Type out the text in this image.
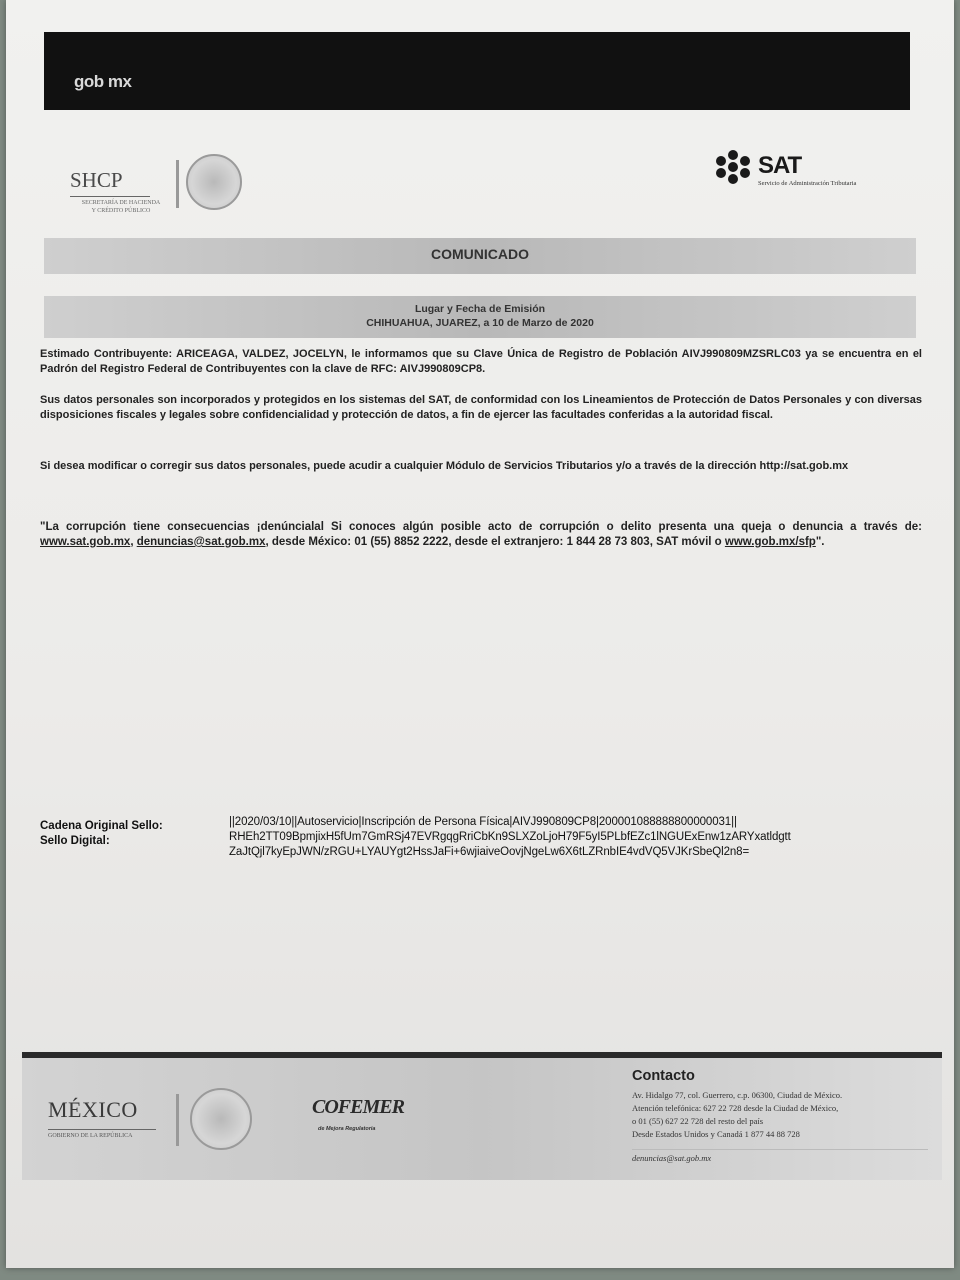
gob mx
SHCP
SECRETARÍA DE HACIENDA
Y CRÉDITO PÚBLICO
SAT
Servicio de Administración Tributaria
COMUNICADO
Lugar y Fecha de Emisión
CHIHUAHUA, JUAREZ, a 10 de Marzo de 2020
Estimado Contribuyente: ARICEAGA, VALDEZ, JOCELYN, le informamos que su Clave Única de Registro de Población AIVJ990809MZSRLC03 ya se encuentra en el Padrón del Registro Federal de Contribuyentes con la clave de RFC: AIVJ990809CP8.
Sus datos personales son incorporados y protegidos en los sistemas del SAT, de conformidad con los Lineamientos de Protección de Datos Personales y con diversas disposiciones fiscales y legales sobre confidencialidad y protección de datos, a fin de ejercer las facultades conferidas a la autoridad fiscal.
Si desea modificar o corregir sus datos personales, puede acudir a cualquier Módulo de Servicios Tributarios y/o a través de la dirección http://sat.gob.mx
"La corrupción tiene consecuencias ¡denúncialal Si conoces algún posible acto de corrupción o delito presenta una queja o denuncia a través de: www.sat.gob.mx, denuncias@sat.gob.mx, desde México: 01 (55) 8852 2222, desde el extranjero: 1 844 28 73 803, SAT móvil o www.gob.mx/sfp".
Cadena Original Sello:
Sello Digital:
||2020/03/10||Autoservicio|Inscripción de Persona Física|AIVJ990809CP8|200001088888800000031||
RHEh2TT09BpmjixH5fUm7GmRSj47EVRgqgRriCbKn9SLXZoLjoH79F5yI5PLbfEZc1lNGUExEnw1zARYxatldgtt
ZaJtQjl7kyEpJWN/zRGU+LYAUYgt2HssJaFi+6wjiaiveOovjNgeLw6X6tLZRnbIE4vdVQ5VJKrSbeQl2n8=
MÉXICO
GOBIERNO DE LA REPÚBLICA
COFEMER
de Mejora Regulatoria
Contacto
Av. Hidalgo 77, col. Guerrero, c.p. 06300, Ciudad de México.
Atención telefónica: 627 22 728 desde la Ciudad de México,
o 01 (55) 627 22 728 del resto del país
Desde Estados Unidos y Canadá 1 877 44 88 728
denuncias@sat.gob.mx
